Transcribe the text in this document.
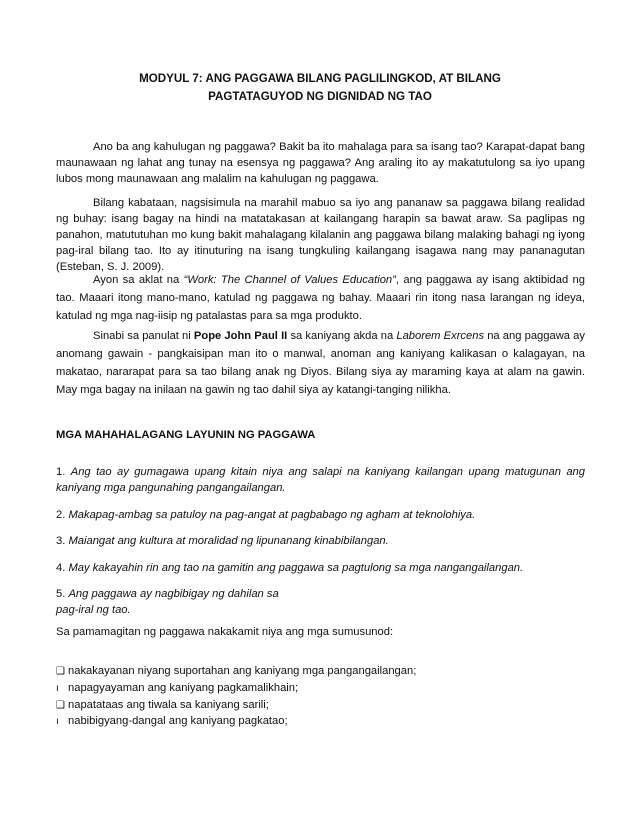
MODYUL 7: ANG PAGGAWA BILANG PAGLILINGKOD, AT BILANG
PAGTATAGUYOD NG DIGNIDAD NG TAO

Ano ba ang kahulugan ng paggawa? Bakit ba ito mahalaga para sa isang tao? Karapat-dapat bang maunawaan ng lahat ang tunay na esensya ng paggawa? Ang araling ito ay makatutulong sa iyo upang lubos mong maunawaan ang malalim na kahulugan ng paggawa.

Bilang kabataan, nagsisimula na marahil mabuo sa iyo ang pananaw sa paggawa bilang realidad ng buhay: isang bagay na hindi na matatakasan at kailangang harapin sa bawat araw. Sa paglipas ng panahon, matututuhan mo kung bakit mahalagang kilalanin ang paggawa bilang malaking bahagi ng iyong pag-iral bilang tao. Ito ay itinuturing na isang tungkuling kailangang isagawa nang may pananagutan (Esteban, S. J. 2009).

Ayon sa aklat na “Work: The Channel of Values Education”, ang paggawa ay isang aktibidad ng tao. Maaari itong mano-mano, katulad ng paggawa ng bahay. Maaari rin itong nasa larangan ng ideya, katulad ng mga nag-iisip ng patalastas para sa mga produkto.

Sinabi sa panulat ni Pope John Paul II sa kaniyang akda na Laborem Exrcens na ang paggawa ay anomang gawain - pangkaisipan man ito o manwal, anoman ang kaniyang kalikasan o kalagayan, na makatao, nararapat para sa tao bilang anak ng Diyos. Bilang siya ay maraming kaya at alam na gawin. May mga bagay na inilaan na gawin ng tao dahil siya ay katangi-tanging nilikha.

MGA MAHAHALAGANG LAYUNIN NG PAGGAWA

1. Ang tao ay gumagawa upang kitain niya ang salapi na kaniyang kailangan upang matugunan ang kaniyang mga pangunahing pangangailangan.

2. Makapag-ambag sa patuloy na pag-angat at pagbabago ng agham at teknolohiya.

3. Maiangat ang kultura at moralidad ng lipunanang kinabibilangan.

4. May kakayahin rin ang tao na gamitin ang paggawa sa pagtulong sa mga nangangailangan.

5. Ang paggawa ay nagbibigay ng dahilan sa
pag-iral ng tao.

Sa pamamagitan ng paggawa nakakamit niya ang mga sumusunod:

❑ nakakayanan niyang suportahan ang kaniyang mga pangangailangan;
ı napagyayaman ang kaniyang pagkamalikhain;
❑ napatataas ang tiwala sa kaniyang sarili;
ı nabibigyang-dangal ang kaniyang pagkatao;
